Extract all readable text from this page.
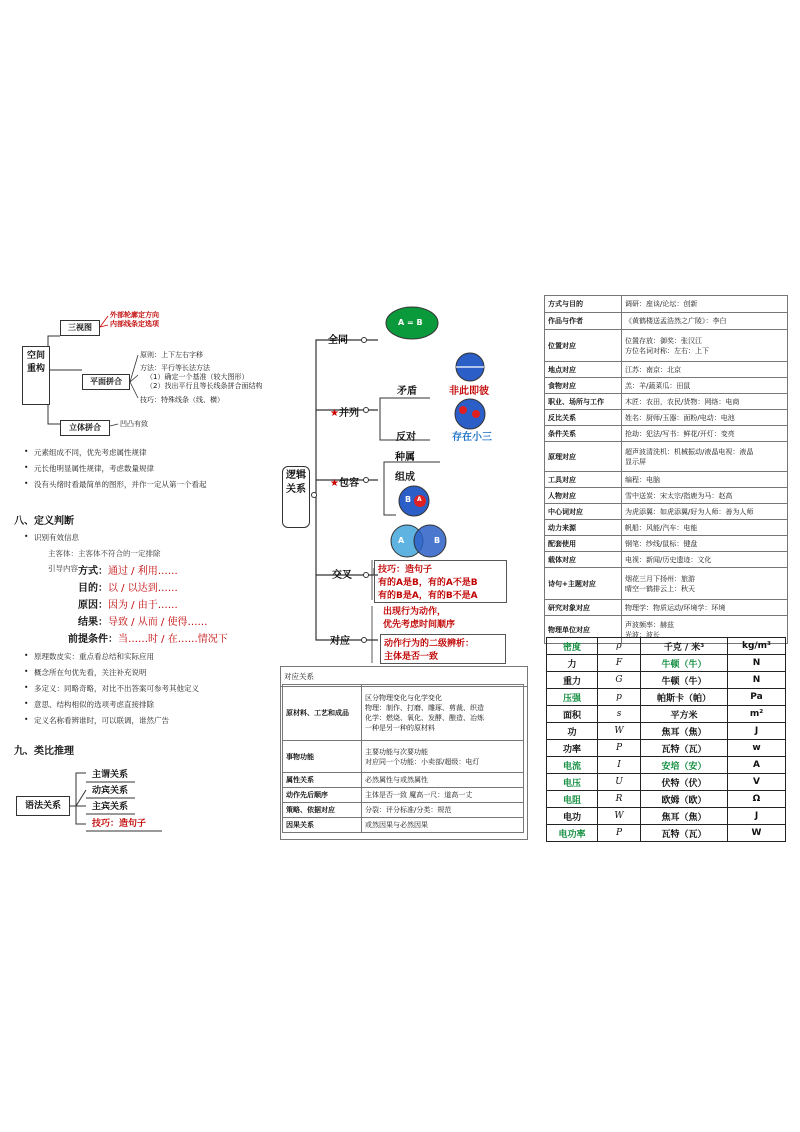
空间重构
三视图
外部轮廓定方向
内部线条定选项
平面拼合
原则：上下左右字移
方法：平行等长法方法
（1）确定一个基准（较大图形）
（2）找出平行且等长线条拼合面结构
技巧：特殊线条（线、横）
立体拼合	凹凸有致
• 元素组成不同，优先考虑属性规律
• 元长他明显属性规律，考虑数量规律
• 没有头绪时看最简单的图形，并作一定从第一个看起
八、定义判断
• 识别有效信息
主客体：主客体不符合的一定排除
引导内容：
方式：通过 / 利用……
目的：以 / 以达到……
原因：因为 / 由于……
结果：导致 / 从而 / 使得……
前提条件：当……时 / 在……情况下
• 原理数皮实：重点看总结和实际应用
• 概念所在句优先看，关注补充说明
• 多定义：同略奇略，对比不出答案可参考其他定义
• 意思、结构相似的选项考虑直接排除
• 定义名称看辨谁时，可以联调，谁然广告
九、类比推理
语法关系
主谓关系
动宾关系
主宾关系
技巧：造句子
逻辑关系
全同
A = B
★并列
矛盾	非此即彼
反对	存在小三
★包容
种属
组成
B A
A	B
交叉	技巧：造句子
有的A是B，有的A不是B
有的B是A，有的B不是A
对应
出现行为动作，
优先考虑时间顺序
动作行为的二级辨析：
主体是否一致
对应关系
原材料、工艺和成品	区分物理变化与化学变化
物理：制作、打磨、雕琢、剪裁、织造
化学：燃烧、氧化、发酵、酿造、冶炼
一种是另一种的原材料

事物功能	主要功能与次要功能
对应同一个功能：小卖部/超级：电灯

属性关系	必然属性与或然属性
动作先后顺序	主体是否一致 魔高一尺：道高一丈
策略、依据对应	分裂：评分标准/分类：规范
因果关系	或然因果与必然因果
方式与目的	调研：座谈/论坛：创新
作品与作者	《黄鹤楼送孟浩然之广陵》：李白
位置对应	位置存放：御奖：张汉江
方位名词对称：左右：上下

地点对应	江苏：南京：北京
食物对应	羔：羊/蔬菜瓜：田鼠
职业、场所与工作	木匠：农田，农民/货物：网络：电商
反比关系	姓名：厨师/玉器：面粉/电动：电池
条件关系	抢劫：犯法/写书：鲜花/开灯：变亮
原理对应	超声波清洗机：机械振动/液晶电视：液晶
显示屏

工具对应	编程：电脑
人物对应	雪中送炭：宋太宗/指鹿为马：赵高
中心词对应	为虎添翼：如虎添翼/好为人师：善为人师
动力来源	帆船：风能/汽车：电能
配套使用	钢笔：纱线/鼠标：键盘
载体对应	电视：新闻/历史遗迹：文化
诗句+主题对应	烟花三月下扬州：旅游
晴空一鹤排云上：秋天

研究对象对应	物理学：物质运动/环境学：环境
物理单位对应	声波频率：赫兹
光波：波长
密度	ρ	千克 / 米³	kg/m³
力	F	牛顿（牛）	N
重力	G	牛顿（牛）	N
压强	p	帕斯卡（帕）	Pa
面积	s	平方米	m²
功	W	焦耳（焦）	J
功率	P	瓦特（瓦）	w
电流	I	安培（安）	A
电压	U	伏特（伏）	V
电阻	R	欧姆（欧）	Ω
电功	W	焦耳（焦）	J
电功率	P	瓦特（瓦）	W
